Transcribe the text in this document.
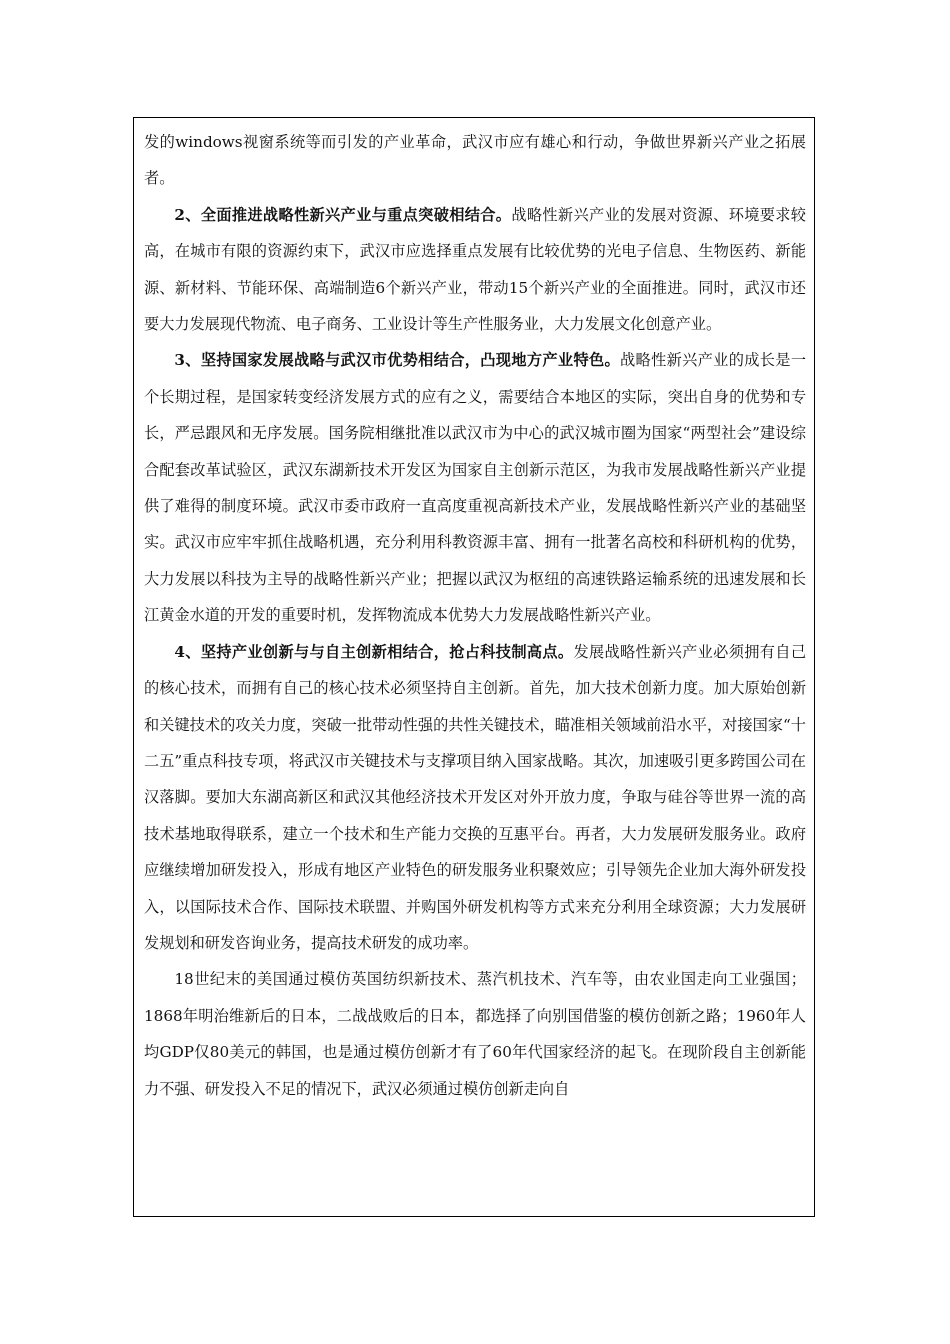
发的windows视窗系统等而引发的产业革命，武汉市应有雄心和行动，争做世界新兴产业之拓展者。

2、全面推进战略性新兴产业与重点突破相结合。战略性新兴产业的发展对资源、环境要求较高，在城市有限的资源约束下，武汉市应选择重点发展有比较优势的光电子信息、生物医药、新能源、新材料、节能环保、高端制造6个新兴产业，带动15个新兴产业的全面推进。同时，武汉市还要大力发展现代物流、电子商务、工业设计等生产性服务业，大力发展文化创意产业。

3、坚持国家发展战略与武汉市优势相结合，凸现地方产业特色。战略性新兴产业的成长是一个长期过程，是国家转变经济发展方式的应有之义，需要结合本地区的实际，突出自身的优势和专长，严忌跟风和无序发展。国务院相继批准以武汉市为中心的武汉城市圈为国家“两型社会”建设综合配套改革试验区，武汉东湖新技术开发区为国家自主创新示范区，为我市发展战略性新兴产业提供了难得的制度环境。武汉市委市政府一直高度重视高新技术产业，发展战略性新兴产业的基础坚实。武汉市应牢牢抓住战略机遇，充分利用科教资源丰富、拥有一批著名高校和科研机构的优势，大力发展以科技为主导的战略性新兴产业；把握以武汉为枢纽的高速铁路运输系统的迅速发展和长江黄金水道的开发的重要时机，发挥物流成本优势大力发展战略性新兴产业。

4、坚持产业创新与与自主创新相结合，抢占科技制高点。发展战略性新兴产业必须拥有自己的核心技术，而拥有自己的核心技术必须坚持自主创新。首先，加大技术创新力度。加大原始创新和关键技术的攻关力度，突破一批带动性强的共性关键技术，瞄准相关领域前沿水平，对接国家“十二五”重点科技专项，将武汉市关键技术与支撑项目纳入国家战略。其次，加速吸引更多跨国公司在汉落脚。要加大东湖高新区和武汉其他经济技术开发区对外开放力度，争取与硅谷等世界一流的高技术基地取得联系，建立一个技术和生产能力交换的互惠平台。再者，大力发展研发服务业。政府应继续增加研发投入，形成有地区产业特色的研发服务业积聚效应；引导领先企业加大海外研发投入，以国际技术合作、国际技术联盟、并购国外研发机构等方式来充分利用全球资源；大力发展研发规划和研发咨询业务，提高技术研发的成功率。

18世纪末的美国通过模仿英国纺织新技术、蒸汽机技术、汽车等，由农业国走向工业强国；1868年明治维新后的日本，二战战败后的日本，都选择了向别国借鉴的模仿创新之路；1960年人均GDP仅80美元的韩国，也是通过模仿创新才有了60年代国家经济的起飞。在现阶段自主创新能力不强、研发投入不足的情况下，武汉必须通过模仿创新走向自
